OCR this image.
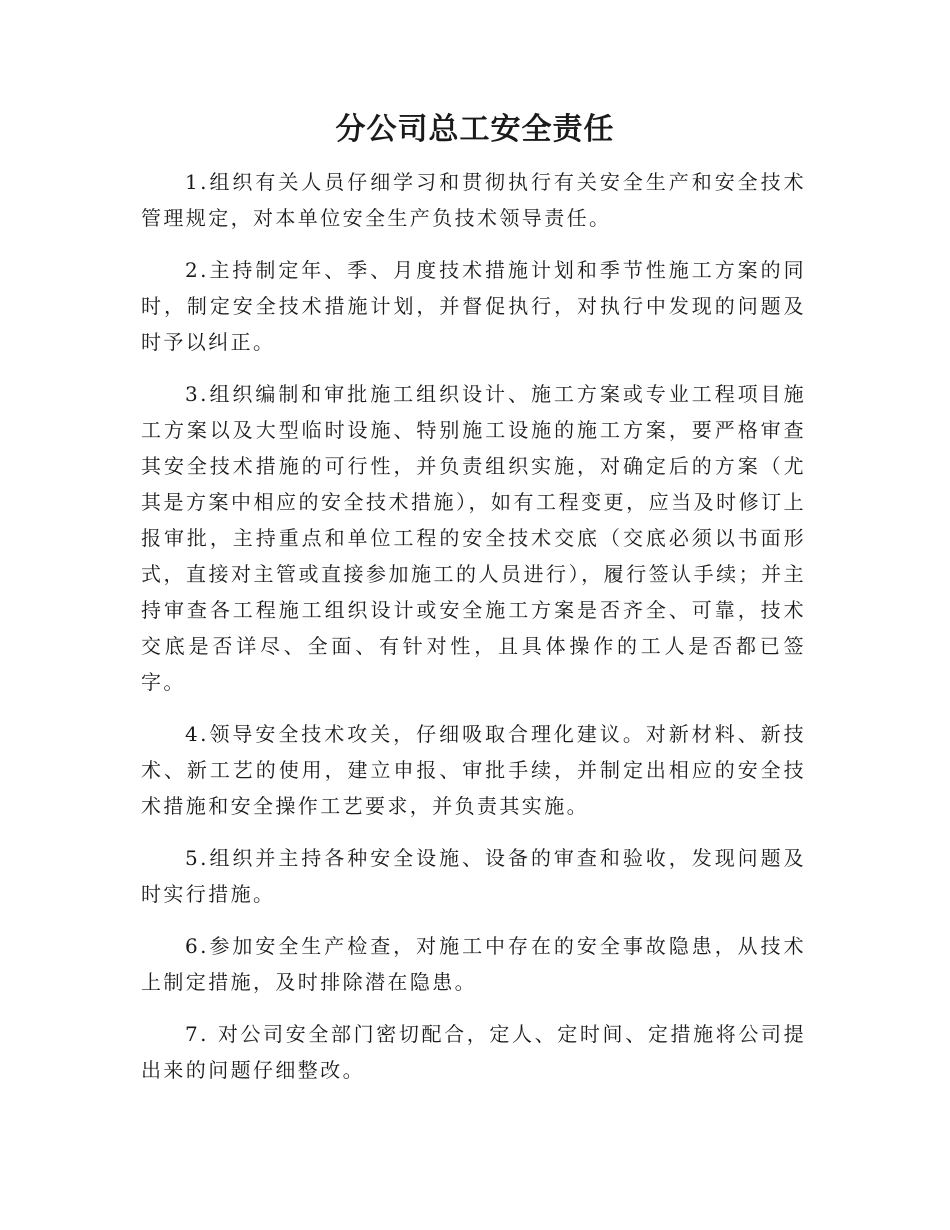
分公司总工安全责任

1.组织有关人员仔细学习和贯彻执行有关安全生产和安全技术管理规定，对本单位安全生产负技术领导责任。

2.主持制定年、季、月度技术措施计划和季节性施工方案的同时，制定安全技术措施计划，并督促执行，对执行中发现的问题及时予以纠正。

3.组织编制和审批施工组织设计、施工方案或专业工程项目施工方案以及大型临时设施、特别施工设施的施工方案，要严格审查其安全技术措施的可行性，并负责组织实施，对确定后的方案（尤其是方案中相应的安全技术措施），如有工程变更，应当及时修订上报审批，主持重点和单位工程的安全技术交底（交底必须以书面形式，直接对主管或直接参加施工的人员进行），履行签认手续；并主持审查各工程施工组织设计或安全施工方案是否齐全、可靠，技术交底是否详尽、全面、有针对性，且具体操作的工人是否都已签字。

4.领导安全技术攻关，仔细吸取合理化建议。对新材料、新技术、新工艺的使用，建立申报、审批手续，并制定出相应的安全技术措施和安全操作工艺要求，并负责其实施。

5.组织并主持各种安全设施、设备的审查和验收，发现问题及时实行措施。

6.参加安全生产检查，对施工中存在的安全事故隐患，从技术上制定措施，及时排除潜在隐患。

7. 对公司安全部门密切配合，定人、定时间、定措施将公司提出来的问题仔细整改。
